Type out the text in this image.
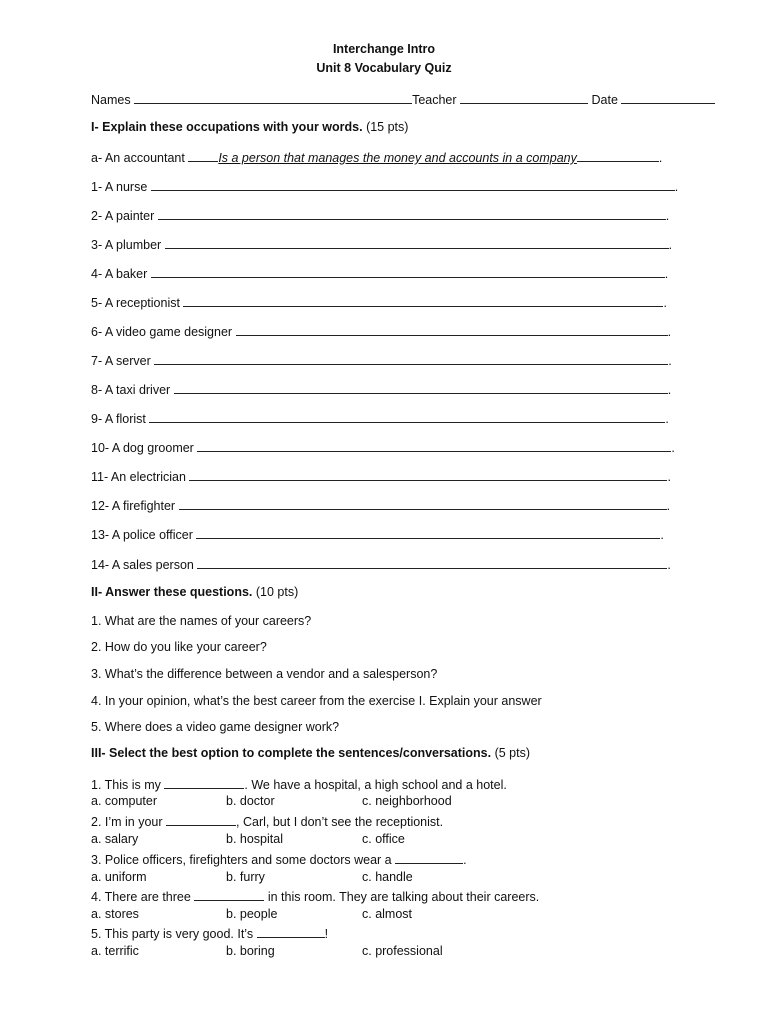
Interchange Intro
Unit 8 Vocabulary Quiz
Names	Teacher	Date
I- Explain these occupations with your words. (15 pts)
a- An accountant	Is a person that manages the money and accounts in a company	.
1- A nurse	.
2- A painter	.
3- A plumber	.
4- A baker	.
5- A receptionist	.
6- A video game designer	.
7- A server	.
8- A taxi driver	.
9- A florist	.
10- A dog groomer	.
11- An electrician	.
12- A firefighter	.
13- A police officer	.
14- A sales person	.
II- Answer these questions. (10 pts)
1. What are the names of your careers?
2. How do you like your career?
3. What’s the difference between a vendor and a salesperson?
4. In your opinion, what’s the best career from the exercise I. Explain your answer
5. Where does a video game designer work?
III- Select the best option to complete the sentences/conversations. (5 pts)
1. This is my	. We have a hospital, a high school and a hotel.
a. computer	b. doctor	c. neighborhood
2. I’m in your	, Carl, but I don’t see the receptionist.
a. salary	b. hospital	c. office
3. Police officers, firefighters and some doctors wear a	.
a. uniform	b. furry	c. handle
4. There are three	in this room. They are talking about their careers.
a. stores	b. people	c. almost
5. This party is very good. It’s	!
a. terrific	b. boring	c. professional
